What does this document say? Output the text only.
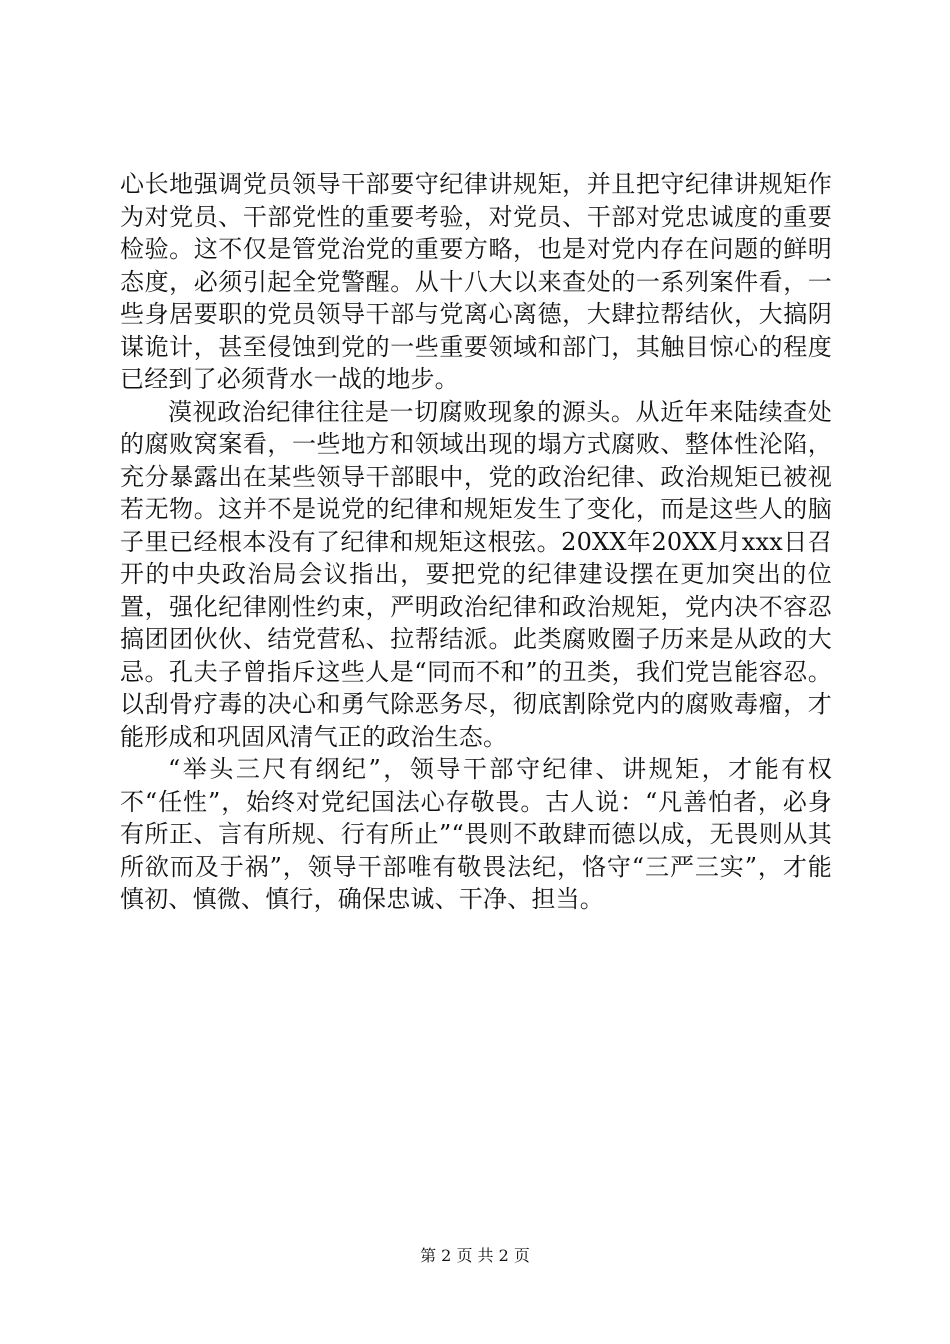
心长地强调党员领导干部要守纪律讲规矩，并且把守纪律讲规矩作为对党员、干部党性的重要考验，对党员、干部对党忠诚度的重要检验。这不仅是管党治党的重要方略，也是对党内存在问题的鲜明态度，必须引起全党警醒。从十八大以来查处的一系列案件看，一些身居要职的党员领导干部与党离心离德，大肆拉帮结伙，大搞阴谋诡计，甚至侵蚀到党的一些重要领域和部门，其触目惊心的程度已经到了必须背水一战的地步。

漠视政治纪律往往是一切腐败现象的源头。从近年来陆续查处的腐败窝案看，一些地方和领域出现的塌方式腐败、整体性沦陷，充分暴露出在某些领导干部眼中，党的政治纪律、政治规矩已被视若无物。这并不是说党的纪律和规矩发生了变化，而是这些人的脑子里已经根本没有了纪律和规矩这根弦。20XX年20XX月xxx日召开的中央政治局会议指出，要把党的纪律建设摆在更加突出的位置，强化纪律刚性约束，严明政治纪律和政治规矩，党内决不容忍搞团团伙伙、结党营私、拉帮结派。此类腐败圈子历来是从政的大忌。孔夫子曾指斥这些人是“同而不和”的丑类，我们党岂能容忍。以刮骨疗毒的决心和勇气除恶务尽，彻底割除党内的腐败毒瘤，才能形成和巩固风清气正的政治生态。

“举头三尺有纲纪”，领导干部守纪律、讲规矩，才能有权不“任性”，始终对党纪国法心存敬畏。古人说：“凡善怕者，必身有所正、言有所规、行有所止”“畏则不敢肆而德以成，无畏则从其所欲而及于祸”，领导干部唯有敬畏法纪，恪守“三严三实”，才能慎初、慎微、慎行，确保忠诚、干净、担当。

第 2 页 共 2 页
